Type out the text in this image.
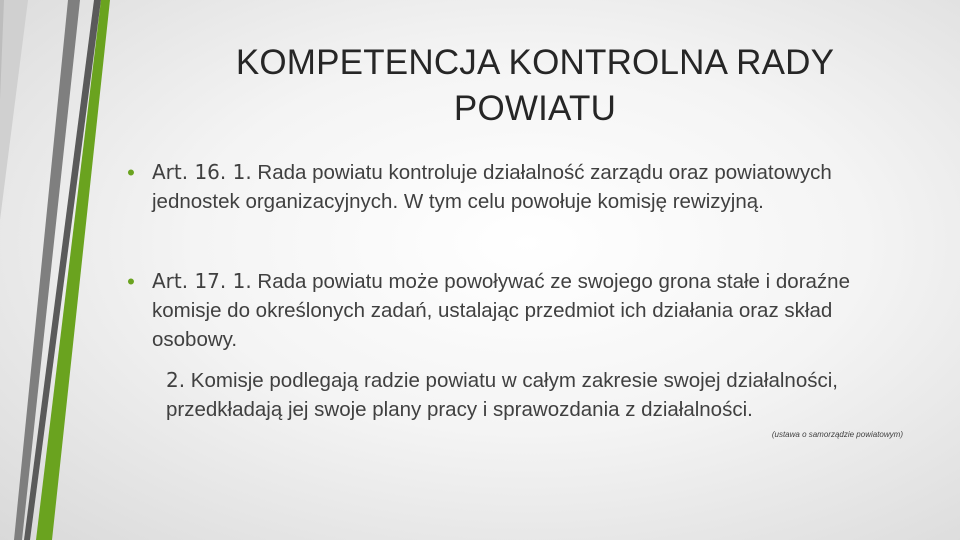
KOMPETENCJA KONTROLNA RADY
POWIATU
• Art. 16. 1. Rada powiatu kontroluje działalność zarządu oraz powiatowych jednostek organizacyjnych. W tym celu powołuje komisję rewizyjną.
• Art. 17. 1. Rada powiatu może powoływać ze swojego grona stałe i doraźne komisje do określonych zadań, ustalając przedmiot ich działania oraz skład osobowy.
2. Komisje podlegają radzie powiatu w całym zakresie swojej działalności, przedkładają jej swoje plany pracy i sprawozdania z działalności.
(ustawa o samorządzie powiatowym)
